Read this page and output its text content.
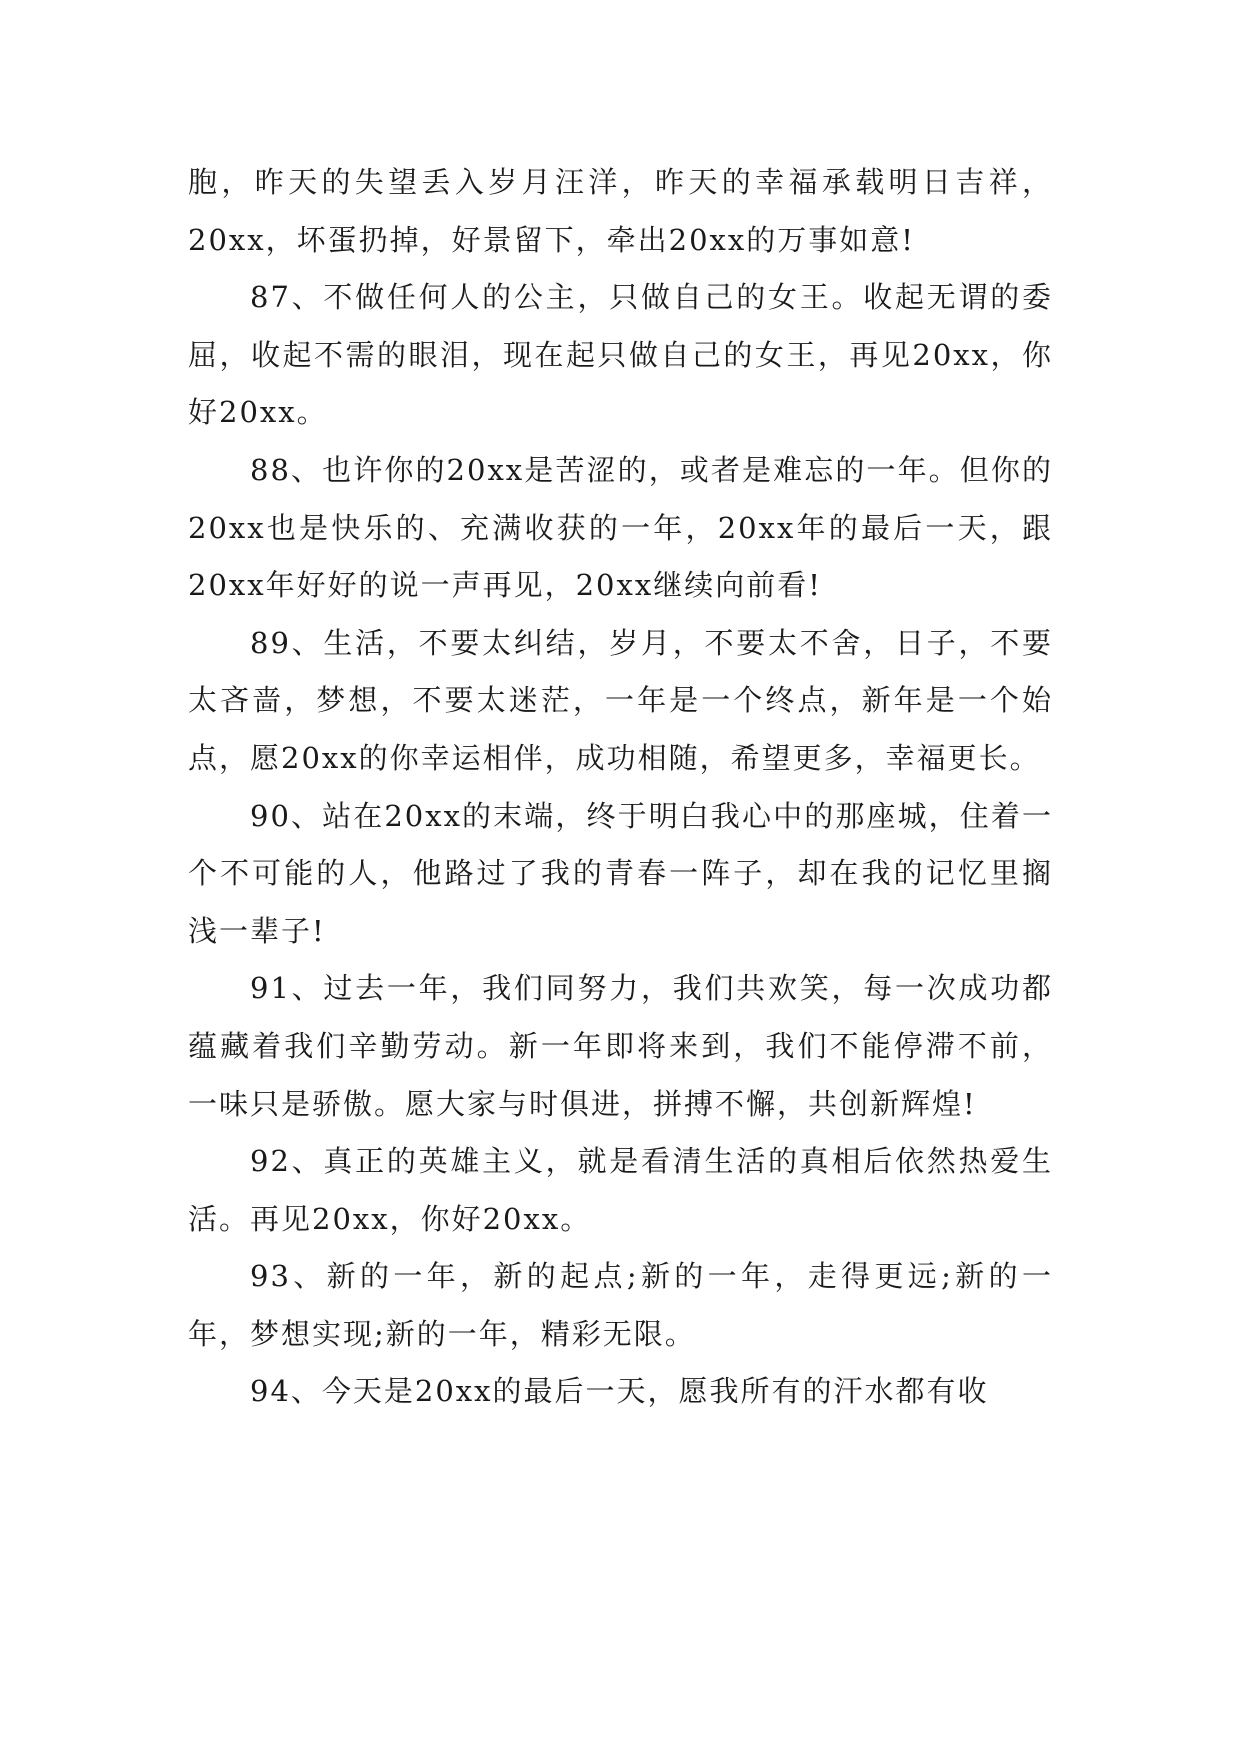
胞，昨天的失望丢入岁月汪洋，昨天的幸福承载明日吉祥，20xx，坏蛋扔掉，好景留下，牵出20xx的万事如意!

87、不做任何人的公主，只做自己的女王。收起无谓的委屈，收起不需的眼泪，现在起只做自己的女王，再见20xx，你好20xx。

88、也许你的20xx是苦涩的，或者是难忘的一年。但你的20xx也是快乐的、充满收获的一年，20xx年的最后一天，跟20xx年好好的说一声再见，20xx继续向前看!

89、生活，不要太纠结，岁月，不要太不舍，日子，不要太吝啬，梦想，不要太迷茫，一年是一个终点，新年是一个始点，愿20xx的你幸运相伴，成功相随，希望更多，幸福更长。

90、站在20xx的末端，终于明白我心中的那座城，住着一个不可能的人，他路过了我的青春一阵子，却在我的记忆里搁浅一辈子!

91、过去一年，我们同努力，我们共欢笑，每一次成功都蕴藏着我们辛勤劳动。新一年即将来到，我们不能停滞不前，一味只是骄傲。愿大家与时俱进，拼搏不懈，共创新辉煌!

92、真正的英雄主义，就是看清生活的真相后依然热爱生活。再见20xx，你好20xx。

93、新的一年，新的起点;新的一年，走得更远;新的一年，梦想实现;新的一年，精彩无限。

94、今天是20xx的最后一天，愿我所有的汗水都有收
